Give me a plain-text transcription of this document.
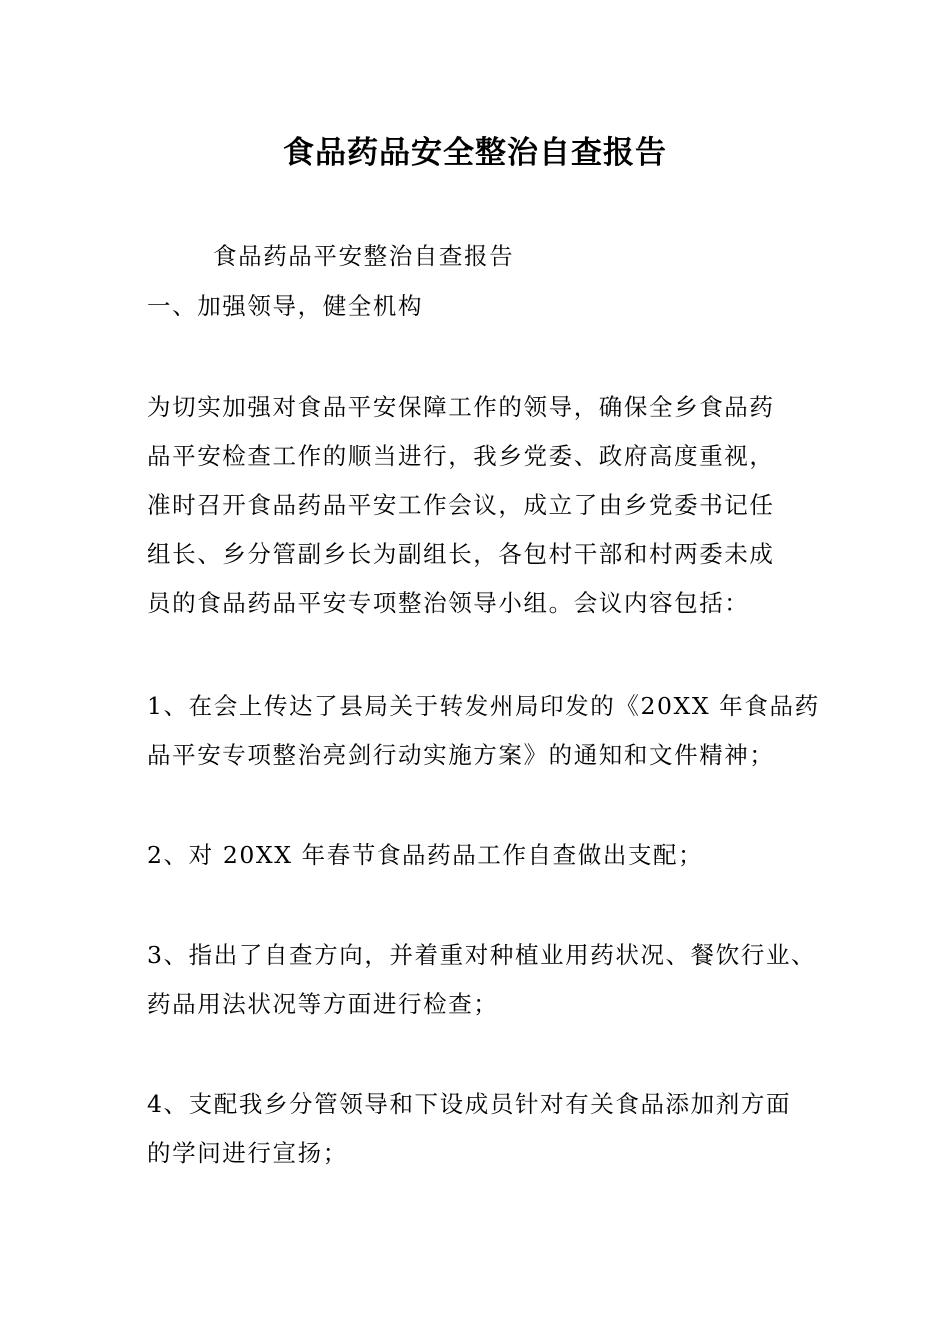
食品药品安全整治自查报告

食品药品平安整治自查报告

一、加强领导，健全机构

为切实加强对食品平安保障工作的领导，确保全乡食品药
品平安检查工作的顺当进行，我乡党委、政府高度重视，
准时召开食品药品平安工作会议，成立了由乡党委书记任
组长、乡分管副乡长为副组长，各包村干部和村两委未成
员的食品药品平安专项整治领导小组。会议内容包括：

1、在会上传达了县局关于转发州局印发的《20XX 年食品药
品平安专项整治亮剑行动实施方案》的通知和文件精神；

2、对 20XX 年春节食品药品工作自查做出支配；

3、指出了自查方向，并着重对种植业用药状况、餐饮行业、
药品用法状况等方面进行检查；

4、支配我乡分管领导和下设成员针对有关食品添加剂方面
的学问进行宣扬；
